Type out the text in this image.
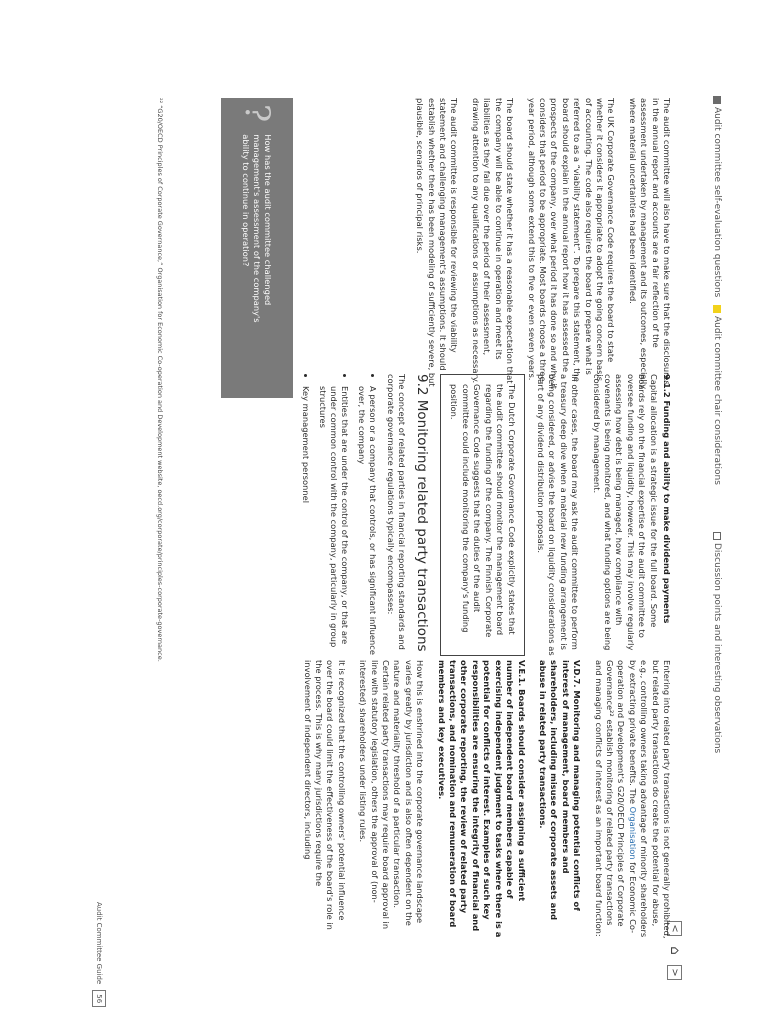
Audit committee self-evaluation questions
Audit committee chair considerations
Discussion points and interesting observations
<
⌂
>

The audit committee will also have to make sure that the disclosures in the annual report and accounts are a fair reflection of the assessment undertaken by management and its outcomes, especially where material uncertainties had been identified.

The UK Corporate Governance Code requires the board to state whether it considers it appropriate to adopt the going concern basis of accounting. The code also requires the board to prepare what is referred to as a “viability statement”. To prepare this statement, the board should explain in the annual report how it has assessed the prospects of the company, over what period it has done so and why it considers that period to be appropriate. Most boards choose a three-year period, although some extend this to five or even seven years.

The board should state whether it has a reasonable expectation that the company will be able to continue in operation and meet its liabilities as they fall due over the period of their assessment, drawing attention to any qualifications or assumptions as necessary.

The audit committee is responsible for reviewing the viability statement and challenging management's assumptions. It should establish whether there has been modeling of sufficiently severe, but plausible, scenarios of principal risks.

?
How has the audit committee challenged management's assessment of the company's ability to continue in operation?
9.1.2 Funding and ability to make dividend payments

Capital allocation is a strategic issue for the full board. Some boards rely on the financial expertise of the audit committee to oversee funding and liquidity, however. This may involve regularly assessing how debt is being managed, how compliance with covenants is being monitored, and what funding options are being considered by management.

In other cases, the board may ask the audit committee to perform a treasury deep dive when a material new funding arrangement is being considered, or advise the board on liquidity considerations as part of any dividend distribution proposals.

The Dutch Corporate Governance Code explicitly states that the audit committee should monitor the management board regarding the funding of the company. The Finnish Corporate Governance Code suggests that the duties of the audit committee could include monitoring the company's funding position.
9.2 Monitoring related party transactions

The concept of related parties in financial reporting standards and corporate governance regulations typically encompasses:

• A person or a company that controls, or has significant influence over, the company
• Entities that are under the control of the company, or that are under common control with the company, particularly in group structures
• Key management personnel

Entering into related party transactions is not generally prohibited, but related party transactions do create the potential for abuse, e.g., controlling owners taking advantage of minority shareholders by extracting private benefits. The Organisation for Economic Co-operation and Development's G20/OECD Principles of Corporate Governance²² establish monitoring of related party transactions and managing conflicts of interest as an important board function:

V.D.7. Monitoring and managing potential conflicts of interest of management, board members and shareholders, including misuse of corporate assets and abuse in related party transactions.

V.E.1. Boards should consider assigning a sufficient number of independent board members capable of exercising independent judgment to tasks where there is a potential for conflicts of interest. Examples of such key responsibilities are ensuring the integrity of financial and other corporate reporting, the review of related party transactions, and nomination and remuneration of board members and key executives.

How this is enshrined into the corporate governance landscape varies greatly by jurisdiction and is also often dependent on the nature and materiality threshold of a particular transaction. Certain related party transactions may require board approval in line with statutory legislation, others the approval of (non-interested) shareholders under listing rules.

It is recognized that the controlling owners' potential influence over the board could limit the effectiveness of the board's role in the process. This is why many jurisdictions require the involvement of independent directors, including

²² “G20/OECD Principles of Corporate Governance,” Organisation for Economic Co-operation and Development website, oecd.org/corporate/principles-corporate-governance.
Audit Committee Guide
56
